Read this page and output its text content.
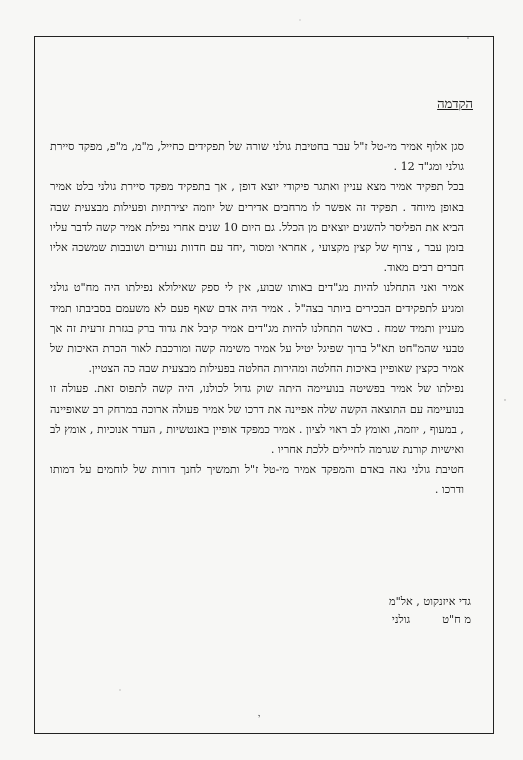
הקדמה

סגן אלוף אמיר מי-טל ז"ל עבר בחטיבת גולני שורה של תפקידים כחייל, מ"מ, מ"פ, מפקד סיירת גולני ומג"ד 12 .

בכל תפקיד אמיר מצא עניין ואתגר פיקודי יוצא דופן , אך בתפקיד מפקד סיירת גולני בלט אמיר באופן מיוחד . תפקיד זה אפשר לו מרחבים אדירים של יוזמה יצירתיות ופעילות מבצעית שבה הביא את הפליסר להשגים יוצאים מן הכלל. גם היום 10 שנים אחרי נפילת אמיר קשה לדבר עליו בזמן עבר , צרוף של קצין מקצועי , אחראי ומסור ,יחד עם חדוות נעורים ושובבות שמשכה אליו חברים רבים מאוד.

אמיר ואני התחלנו להיות מג"דים באותו שבוע, אין לי ספק שאילולא נפילתו היה מח"ט גולני ומגיע לתפקידים הבכירים ביותר בצה"ל . אמיר היה אדם שאף פעם לא משעמם בסביבתו תמיד מעניין ותמיד שמח . כאשר התחלנו להיות מג"דים אמיר קיבל את גדוד ברק בגזרת זרעית זה אך טבעי שהמ"חט תא"ל ברוך שפיגל יטיל על אמיר משימה קשה ומורכבת לאור הכרת האיכות של אמיר כקצין שאופיין באיכות החלטה ומהירות החלטה בפעילות מבצעית שבה כה הצטיין.

נפילתו של אמיר בפשיטה בנועיימה היתה שוק גדול לכולנו, היה קשה לתפוס זאת. פעולה זו בנועיימה עם התוצאה הקשה שלה אפיינה את דרכו של אמיר פעולה ארוכה במרחק רב שאופיינה , במעוף , יוזמה, ואומץ לב ראוי לציון . אמיר כמפקד אופיין באנטשיות , העדר אנוכיות , אומץ לב ואישיות קורנת שגרמה לחיילים ללכת אחריו .

חטיבת גולני גאה באדם והמפקד אמיר מי-טל ז"ל ותמשיך לחנך דורות של לוחמים על דמותו ודרכו .

גדי איזנקוט , אל"מ
מ ח"ט         גולני
י
